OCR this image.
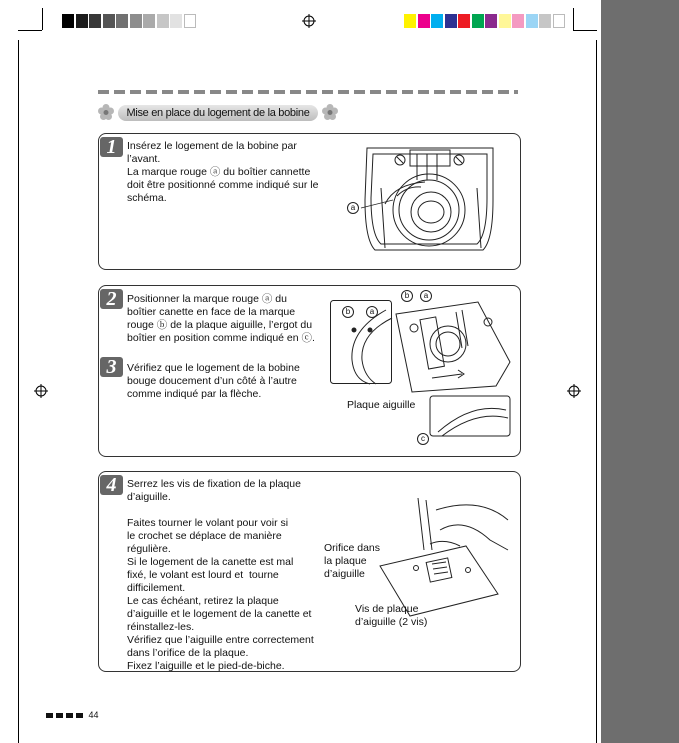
Mise en place du logement de la bobine
1	Insérez le logement de la bobine par
l’avant.
La marque rouge ⓐ du boîtier cannette
doit être positionné comme indiqué sur le
schéma.
a
2	Positionner la marque rouge ⓐ du
boîtier canette en face de la marque
rouge ⓑ de la plaque aiguille, l’ergot du
boîtier en position comme indiqué en ⓒ.
3	Vérifiez que le logement de la bobine
bouge doucement d’un côté à l’autre
comme indiqué par la flèche.
b	a
b	a
c
Plaque aiguille
4	Serrez les vis de fixation de la plaque
d’aiguille.

Faites tourner le volant pour voir si
le crochet se déplace de manière
régulière.
Si le logement de la canette est mal
fixé, le volant est lourd et  tourne
difficilement.
Le cas échéant, retirez la plaque
d’aiguille et le logement de la canette et
réinstallez-les.
Vérifiez que l’aiguille entre correctement
dans l’orifice de la plaque.
Fixez l’aiguille et le pied-de-biche.
Orifice dans
la plaque
d’aiguille
Vis de plaque
d’aiguille (2 vis)
44
